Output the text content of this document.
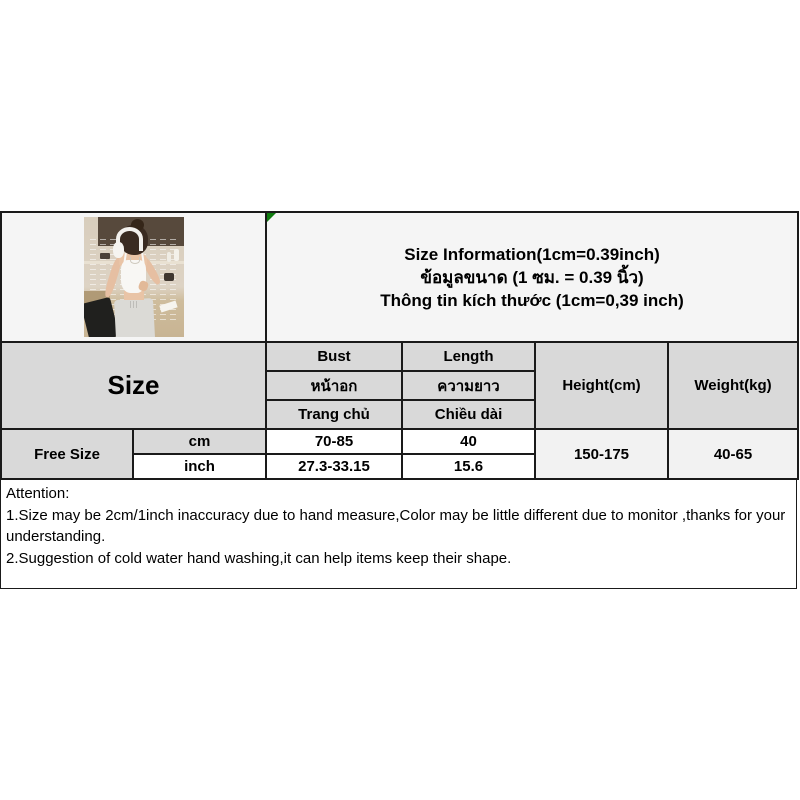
		Size Information(1cm=0.39inch)
ข้อมูลขนาด (1 ซม. = 0.39 นิ้ว)
Thông tin kích thước (1cm=0,39 inch)			

Size		Bust	Length	Height(cm)	Weight(kg)
		หน้าอก	ความยาว		
		Trang chủ	Chiều dài		
Free Size	cm	70-85	40	150-175	40-65
	inch	27.3-33.15	15.6		
Attention:
1.Size may be 2cm/1inch inaccuracy due to hand measure,Color may be little different due to monitor ,thanks for your understanding.
2.Suggestion of cold water hand washing,it can help items keep their shape.
